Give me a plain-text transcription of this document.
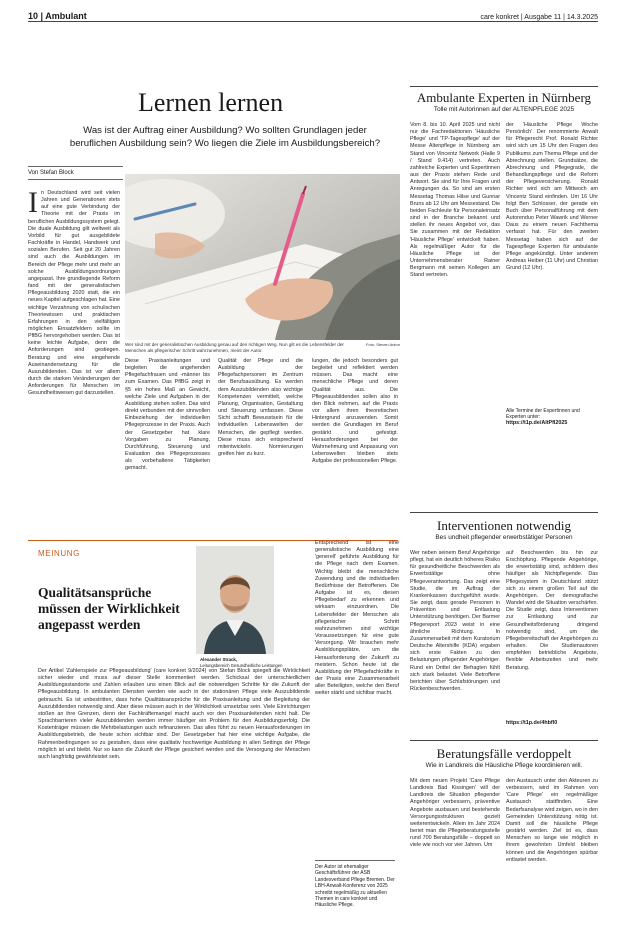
10 | Ambulant	care konkret | Ausgabe 11 | 14.3.2025
Lernen lernen

Was ist der Auftrag einer Ausbildung? Wo sollten Grundlagen jeder beruflichen Ausbildung sein? Wo liegen die Ziele im Ausbildungsbereich?

Von Stefan Block
Wer sind mit der generalistischen Ausbildung genau auf den richtigen Weg. Nun gilt es die Lebensfelder der Menschen als pflegerischer Schritt wahrzunehmen, meint der Autor.
Foto: Steven Anton
In Deutschland wird seit vielen Jahren und Generationen stets auf eine gute Verbindung der Theorie mit der Praxis im beruflichen Ausbildungssystem gelegt. Die duale Ausbildung gilt weltweit als Vorbild für gut ausgebildete Fachkräfte in Handel, Handwerk und sozialen Berufen. Seit gut 20 Jahren sind auch die Ausbildungen im Bereich der Pflege mehr und mehr an solche Ausbildungsordnungen angepasst. Ihre grundlegende Reform fand mit der generalistischen Pflegeausbildung 2020 statt, die ein neues Kapitel aufgeschlagen hat. Eine wichtige Verzahnung von schulischen Theoriewissen und praktischen Erfahrungen in den vielfältigen möglichen Einsatzfeldern sollte im PflBG hervorgehoben werden. Das ist keine leichte Aufgabe, denn die Anforderungen sind gestiegen. Beratung und eine eingehende Auseinandersetzung für die Auszubildenden. Das ist vor allem durch die starken Veränderungen der Anforderungen für Menschen im Gesundheitswesen gut darzustellen.
Diese Praxisanleitungen und begleiten die angehenden Pflegefachfrauen und -männer bis zum Examen. Das PflBG zeigt in §5 ein hohes Maß an Gewicht, welche Ziele und Aufgaben in der Ausbildung stehen sollen. Das wird direkt verbunden mit der sinnvollen Einbeziehung der individuellen Pflegeprozesse in der Praxis. Auch der Gesetzgeber hat klare Vorgaben zu Planung, Durchführung, Steuerung und Evaluation des Pflegeprozesses als vorbehaltene Tätigkeiten gemacht.
Qualität der Pflege und die Ausbildung der Pflegefachpersonen im Zentrum der Berufsausübung. Es werden dem Auszubildenden also wichtige Kompetenzen vermittelt, welche Planung, Organisation, Gestaltung und Steuerung umfassen. Diese Sicht schafft Bewusstsein für die individuellen Lebenswelten der Menschen, die gepflegt werden. Diese muss sich entsprechend mitentwickeln. Normierungen greifen hier zu kurz.
lungen, die jedoch besonders gut begleitet und reflektiert werden müssen. Das macht eine menschliche Pflege und deren Qualität aus. Die Pflegeausbildenden sollen also in den Blick nehmen, auf die Praxis vor allem ihren theoretischen Hintergrund anzuwenden. Somit werden die Grundlagen im Beruf gestärkt und gefestigt. Herausforderungen bei der Wahrnehmung und Anpassung von Lebenswelten bleiben stets Aufgabe der professionellen Pflege.
MEINUNG
Qualitätsansprüche müssen der Wirklichkeit angepasst werden
Alexander Strack,
Leitungsbereich Gesundheitliche Leistungen
Der Artikel 'Zahlenspiele zur Pflegeausbildung' (care konkret 9/2024) von Stefan Block spiegelt die Wirklichkeit sicher wieder und muss auf dieser Stelle kommentiert werden. Schicksal der unterschiedlichen Ausbildungsstandorte und Zahlen erlauben uns einen Blick auf die notwendigen Schritte für die Zukunft der Pflegeausbildung. In ambulanten Diensten werden wie auch in der stationären Pflege viele Auszubildende gebraucht. Es ist unbestritten, dass hohe Qualitätsansprüche für die Praxisanleitung und die Begleitung der Auszubildenden notwendig sind. Aber diese müssen auch in der Wirklichkeit umsetzbar sein. Viele Einrichtungen stoßen an ihre Grenzen, denn der Fachkräftemangel macht auch vor den Praxisanleitenden nicht halt. Die Sprachbarrieren vieler Auszubildenden werden immer häufiger ein Problem für den Ausbildungserfolg. Die Kostenträger müssen die Mehrbelastungen auch refinanzieren. Das alles führt zu neuen Herausforderungen im Ausbildungsbetrieb, die heute schon sichtbar sind. Der Gesetzgeber hat hier eine wichtige Aufgabe, die Rahmenbedingungen so zu gestalten, dass eine qualitativ hochwertige Ausbildung in allen Settings der Pflege möglich ist und bleibt. Nur so kann die Zukunft der Pflege gesichert werden und die Versorgung der Menschen auch langfristig gewährleistet sein.
Entsprechend ist eine generalistische Ausbildung eine 'generell' geführte Ausbildung für die Pflege nach dem Examen. Wichtig bleibt die menschliche Zuwendung und die individuellen Bedürfnisse der Betroffenen. Die Aufgabe ist es, diesen Pflegebedarf zu erkennen und wirksam einzuordnen. Die Lebensfelder der Menschen als pflegerischer Schritt wahrzunehmen sind wichtige Voraussetzungen für eine gute Versorgung. Wir brauchen mehr Ausbildungsplätze, um die Herausforderung der Zukunft zu meistern. Schon heute ist die Ausbildung der Pflegefachkräfte in der Praxis eine Zusammenarbeit aller Beteiligten, welche den Beruf weiter stärkt und sichtbar macht.
Der Autor ist ehemaliger Geschäftsführer der ASB Landesverband Pflege Bremen. Der LBH-Anwalt-Konferenz von 2025 schreibt regelmäßig zu aktuellen Themen in care konkret und Häusliche Pflege.
Ambulante Experten in Nürnberg

Tolle mit Autorinnen auf der ALTENPFLEGE 2025

Vom 8. bis 10. April 2025 und nicht nur die Fachredaktionen 'Häusliche Pflege' und 'TP-Tagespflege' auf der Messe Altenpflege in Nürnberg am Stand von Vincentz Network (Halle 9 / Stand 9.414) vertreten. Auch zahlreiche Experten und Expertinnen aus der Praxis stehen Rede und Antwort. Sie sind für Ihre Fragen und Anregungen da. So sind am ersten Messetag Thomas Hilse und Gunnar Bruns ab 12 Uhr am Messestand. Die beiden Fachleute für Personaleinsatz sind in der Branche bekannt und stellen ihr neues Angebot vor, das Sie zusammen mit der Redaktion 'Häusliche Pflege' entwickelt haben. Als regelmäßiger Autor für die Häusliche Pflege ist der Unternehmensberater Rainer Bergmann mit seinen Kollegen am Stand vertreten.
der 'Häusliche Pflege Woche Persönlich'. Der renommierte Anwalt für Pflegerecht Prof. Ronald Richter wird sich um 15 Uhr den Fragen des Publikums zum Thema Pflege und der Abrechnung stellen. Grundsätze, die Abrechnung und Pflegegrade, die Behandlungspflege und die Reform der Pflegeversicherung. Ronald Richter wird sich am Mittwoch am Vincentz Stand einfinden. Um 16 Uhr folgt Ben Schlosser, der gerade ein Buch über Personalführung mit dem Autorenduo Peter Wawrik und Werner Daus zu einem neuen Fachthema verfasst hat. Für den zweiten Messetag haben sich auf der Tagespflege Experten für ambulante Pflege angekündigt. Unter anderem Andreas Heiber (11 Uhr) und Christian Grund (12 Uhr).

Alle Termine der Expertinnen und Experten unter:

https://t1p.de/AltPfl2025

Interventionen notwendig

Bes undheit pflegender erwerbstätiger Personen

Wer neben seinem Beruf Angehörige pflegt, hat ein deutlich höheres Risiko für gesundheitliche Beschwerden als Erwerbstätige ohne Pflegeverantwortung. Das zeigt eine Studie, die im Auftrag der Krankenkassen durchgeführt wurde. Sie zeigt, dass gerade Personen in Prävention und Entlastung Unterstützung benötigen. Der Barmer Pflegereport 2023 weist in eine ähnliche Richtung. In Zusammenarbeit mit dem Kuratorium Deutsche Altershilfe (KDA) ergaben sich erste Fakten zu den Belastungen pflegender Angehöriger. Rund ein Drittel der Befragten fühlt sich stark belastet. Viele Betroffene berichten über Schlafstörungen und Rückenbeschwerden.
auf Beschwerden bis hin zur Erschöpfung. Pflegende Angehörige, die erwerbstätig sind, schildern dies häufiger als Nichtpflegende. Das Pflegesystem in Deutschland stützt sich zu einem großen Teil auf die Angehörigen. Der demografische Wandel wird die Situation verschärfen. Die Studie zeigt, dass Interventionen zur Entlastung und zur Gesundheitsförderung dringend notwendig sind, um die Pflegebereitschaft der Angehörigen zu erhalten. Die Studienautoren empfehlen betriebliche Angebote, flexible Arbeitszeiten und mehr Beratung.
https://t1p.de/4hbfl0
Beratungsfälle verdoppelt

Wie in Landkreis die Häusliche Pflege koordinieren will.

Mit dem neuen Projekt 'Care Pflege Landkreis Bad Kissingen' will der Landkreis die Situation pflegender Angehöriger verbessern, präventive Angebote ausbauen und bestehende Versorgungsstrukturen gezielt weiterentwickeln. Allein im Jahr 2024 beriet man die Pflegeberatungsstelle rund 700 Beratungsfälle – doppelt so viele wie noch vor vier Jahren. Um
den Austausch unter den Akteuren zu verbessern, wird im Rahmen von 'Care Pflege' ein regelmäßiger Austausch stattfinden. Eine Bedarfsanalyse wird zeigen, wo in den Gemeinden Unterstützung nötig ist. Damit soll die häusliche Pflege gestärkt werden. Ziel ist es, dass Menschen so lange wie möglich in ihrem gewohnten Umfeld bleiben können und die Angehörigen spürbar entlastet werden.
